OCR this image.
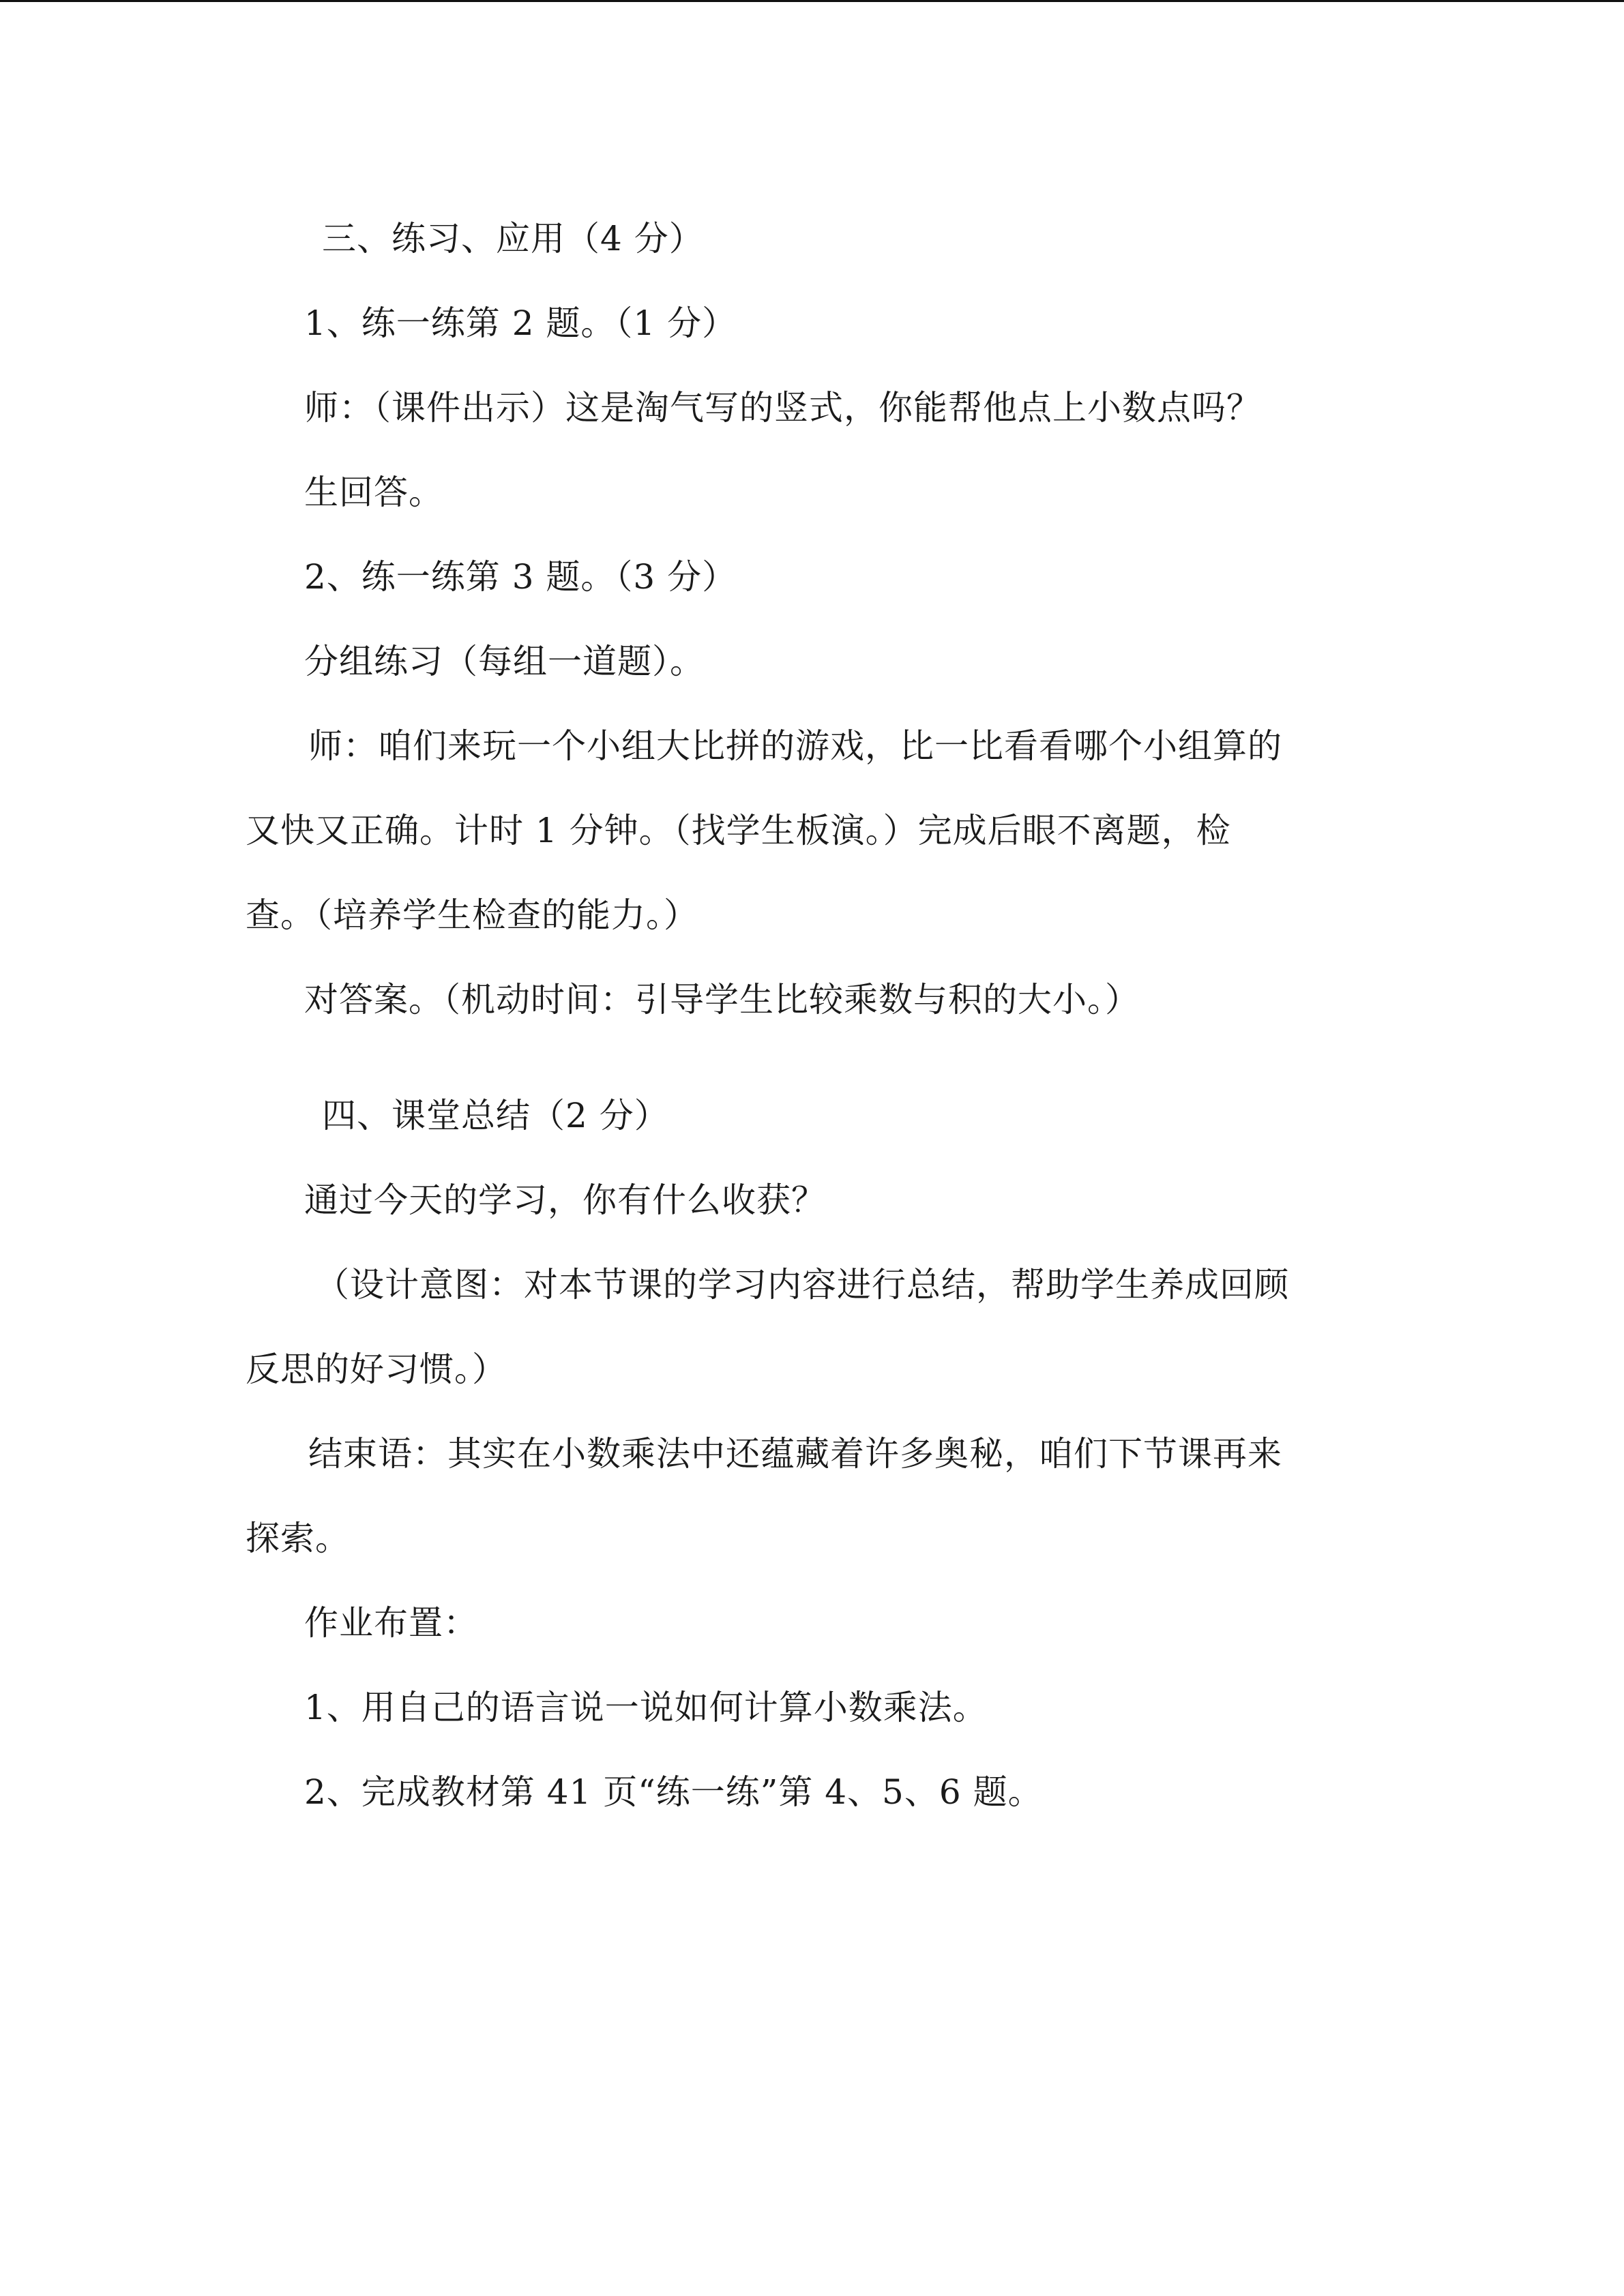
三、练习、应用（4 分）
1、练一练第 2 题。（1 分）
师：（课件出示）这是淘气写的竖式，你能帮他点上小数点吗？
生回答。
2、练一练第 3 题。（3 分）
分组练习（每组一道题）。
师：咱们来玩一个小组大比拼的游戏，比一比看看哪个小组算的
又快又正确。计时 1 分钟。（找学生板演。）完成后眼不离题，检
查。（培养学生检查的能力。）
对答案。（机动时间：引导学生比较乘数与积的大小。）
四、课堂总结（2 分）
通过今天的学习，你有什么收获？
（设计意图：对本节课的学习内容进行总结，帮助学生养成回顾
反思的好习惯。）
结束语：其实在小数乘法中还蕴藏着许多奥秘，咱们下节课再来
探索。
作业布置：
1、用自己的语言说一说如何计算小数乘法。
2、完成教材第 41 页“练一练”第 4、5、6 题。
